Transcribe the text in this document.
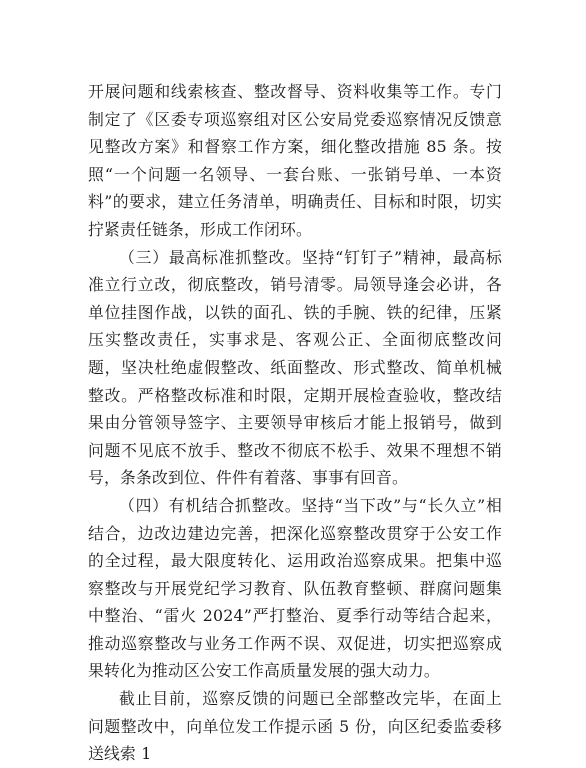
开展问题和线索核查、整改督导、资料收集等工作。专门制定了《区委专项巡察组对区公安局党委巡察情况反馈意见整改方案》和督察工作方案，细化整改措施 85 条。按照“一个问题一名领导、一套台账、一张销号单、一本资料”的要求，建立任务清单，明确责任、目标和时限，切实拧紧责任链条，形成工作闭环。

（三）最高标准抓整改。坚持“钉钉子”精神，最高标准立行立改，彻底整改，销号清零。局领导逢会必讲，各单位挂图作战，以铁的面孔、铁的手腕、铁的纪律，压紧压实整改责任，实事求是、客观公正、全面彻底整改问题，坚决杜绝虚假整改、纸面整改、形式整改、简单机械整改。严格整改标准和时限，定期开展检查验收，整改结果由分管领导签字、主要领导审核后才能上报销号，做到问题不见底不放手、整改不彻底不松手、效果不理想不销号，条条改到位、件件有着落、事事有回音。

（四）有机结合抓整改。坚持“当下改”与“长久立”相结合，边改边建边完善，把深化巡察整改贯穿于公安工作的全过程，最大限度转化、运用政治巡察成果。把集中巡察整改与开展党纪学习教育、队伍教育整顿、群腐问题集中整治、“雷火 2024”严打整治、夏季行动等结合起来，推动巡察整改与业务工作两不误、双促进，切实把巡察成果转化为推动区公安工作高质量发展的强大动力。

截止目前，巡察反馈的问题已全部整改完毕，在面上问题整改中，向单位发工作提示函 5 份，向区纪委监委移送线索 1
